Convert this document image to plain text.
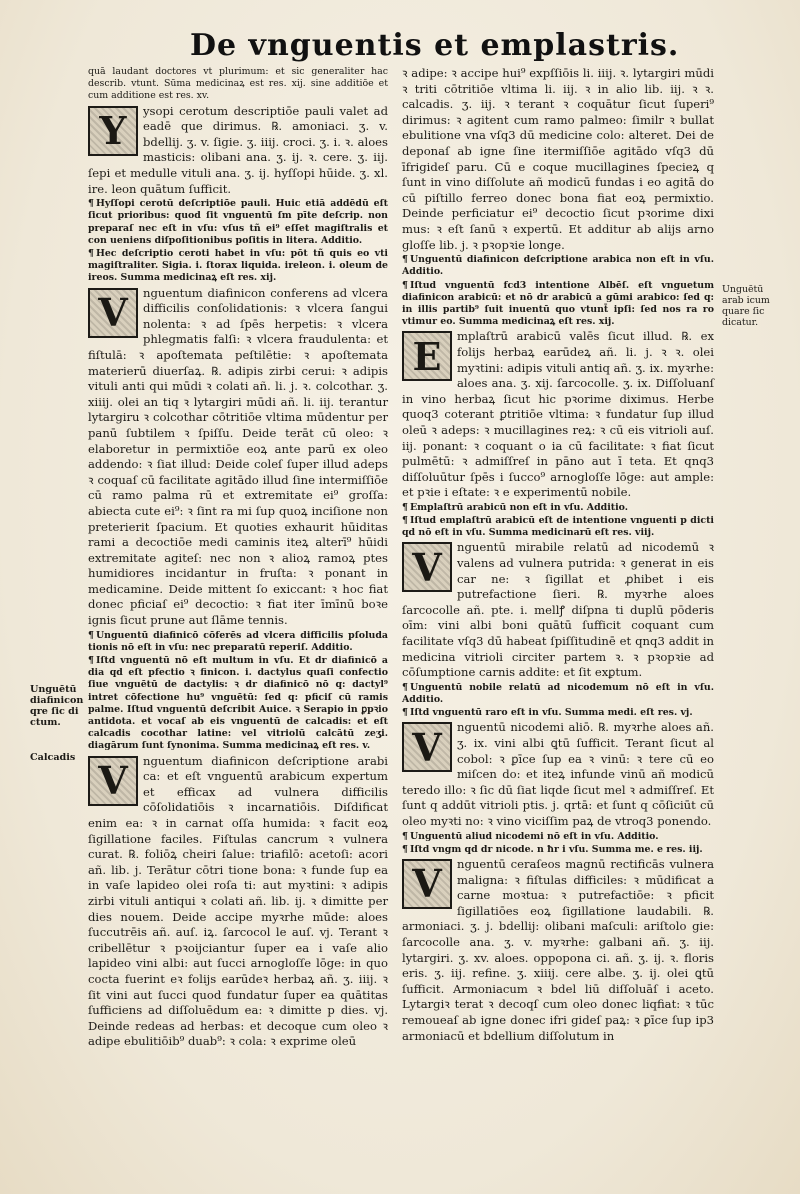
De vnguentis et emplastris.

quā laudant doctores vt plurimum: et sic generaliter hac describ. vtunt. Sūma medicinaꝝ est res. xij. sine additiōe et cum additione est res. xv.

Y	ysopi cerotum descriptiōe pauli valet ad eadē que dirimus. ℞. amoniaci. ʒ. v. bdellij. ʒ. v. ſigie. ʒ. iiij. croci. ʒ. i. ꝛ. aloes masticis: olibani ana. ʒ. ij. ꝛ. cere. ʒ. iij. ſepi et medulle vituli ana. ʒ. ij. hyſſopi hūide. ʒ. xl. ire. leon quātum ſufficit.

¶ Hyſſopi cerotū deſcriptiōe pauli. Huic etiā addēdū eſt ſicut prioribus: quod ſit vnguentū ſm pīte deſcrip. non preparaſ nec eſt in vſu: vſus tñ ei⁹ eſſet magiſtralis et con ueniens diſpoſitionibus poſitis in litera. Additio.

¶ Hec deſcriptio ceroti habet in vſu: pōt tñ quis eo vti magiſtraliter. Sigia. i. ſtorax liquida. ireleon. i. oleum de ireos. Summa medicinaꝝ eſt res. xij.

V	nguentum diafinicon conferens ad vlcera difficilis conſolidationis: ꝛ vlcera ſangui nolenta: ꝛ ad ſpēs herpetis: ꝛ vlcera phlegmatis falſi: ꝛ vlcera fraudulenta: et fiſtulā: ꝛ apoſtemata peſtilētie: ꝛ apoſtemata materierū diuerſaꝝ. ℞. adipis zirbi cerui: ꝛ adipis vituli anti qui mūdi ꝛ colati añ. li. j. ꝛ. colcothar. ʒ. xiiij. olei an tiq ꝛ lytargiri mūdi añ. li. iij. terantur lytargiru ꝛ colcothar cōtritiōe vltima mūdentur per panū ſubtilem ꝛ ſpiſſu. Deide terāt cū oleo: ꝛ elaboretur in permixtiōe eoꝝ ante parū ex oleo addendo: ꝛ ſiat illud: Deide coleſ ſuper illud adeps ꝛ coquaſ cū facilitate agitādo illud ſine intermiſſiōe cū ramo palma rū et extremitate ei⁹ groſſa: abiecta cute ei⁹: ꝛ ſint ra mi ſup quoꝝ inciſione non preterierit ſpacium. Et quoties exhaurit hūiditas rami a decoctiōe medi caminis iteꝝ alterī⁹ hūidi extremitate agiteſ: nec non ꝛ alioꝝ ramoꝝ ptes humidiores incidantur in fruſta: ꝛ ponant in medicamine. Deide mittent ſo exiccant: ꝛ hoc fiat donec pficiaſ ei⁹ decoctio: ꝛ fiat iter īmīnū boꝛe ignis ſicut prune aut ſlāme tennis.

¶ Unguentū diafinicō cōferēs ad vlcera difficilis pſoluda tionis nō eſt in vſu: nec preparatū reperiſ. Additio.

¶ Iſtd vnguentū nō eſt multum in vſu. Et dr diafinicō a dia qd eſt pfectio ꝛ finicon. i. dactylus quaſi confectio ſiue vnguētū de dactylis: ꝛ dr diafinicō nō q: dactyl⁹ intret cōfectione hu⁹ vnguētū: ſed q: pficiſ cū ramis palme. Iſtud vnguentū deſcribit Auice. ꝛ Serapio in ꝑpꝛio antidota. et vocaſ ab eis vnguentū de calcadis: et eſt calcadis cocothar latine: vel vitriolū calcātū zeʒi. diagārum ſunt ſynonima. Summa medicinaꝝ eſt res. v.

V	nguentum diafinicon deſcriptione arabi ca: et eſt vnguentū arabicum expertum et efficax ad vulnera difficilis cōſolidatiōis ꝛ incarnatiōis. Diſdificat enim ea: ꝛ in carnat oſſa humida: ꝛ facit eoꝝ ſigillatione faciles. Fiſtulas cancrum ꝛ vulnera curat. ℞. foliōꝝ cheiri ſalue: triafilō: acetoſi: acori añ. lib. j. Terātur cōtri tione bona: ꝛ funde ſup ea in vaſe lapideo olei roſa ti: aut myꝛtini: ꝛ adipis zirbi vituli antiqui ꝛ colati añ. lib. ij. ꝛ dimitte per dies nouem. Deide accipe myꝛrhe mūde: aloes ſuccutrēis añ. auſ. iꝝ. ſarcocol le auſ. vj. Terant ꝛ cribellētur ꝛ pꝛoijciantur ſuper ea i vaſe alio lapideo vini albi: aut ſucci arnogloſſe lōge: in quo cocta fuerint eꝛ folijs earūdeꝛ herbaꝝ añ. ʒ. iiij. ꝛ ſit vini aut ſucci quod fundatur ſuper ea quātitas ſufficiens ad diſſoluēdum ea: ꝛ dimitte p dies. vj. Deinde redeas ad herbas: et decoque cum oleo ꝛ adipe ebulitiōib⁹ duab⁹: ꝛ cola: ꝛ exprime oleū

ꝛ adipe: ꝛ accipe hui⁹ expſſiōis li. iiij. ꝛ. lytargiri mūdi ꝛ triti cōtritiōe vltima li. iij. ꝛ in alio lib. iij. ꝛ ꝛ. calcadis. ʒ. iij. ꝛ terant ꝛ coquātur ſicut ſuperi⁹ dirimus: ꝛ agitent cum ramo palmeo: ſimilr ꝛ bullat ebulitione vna vſq3 dū medicine colo: alteret. Dei de deponaſ ab igne ſine itermiſſiōe agitādo vſq3 dū īfrigideſ paru. Cū e coque mucillagines ſpecieꝝ q ſunt in vino diſſolute añ modicū fundas i eo agitā do cū piſtillo ferreo donec bona fiat eoꝝ permixtio. Deinde perficiatur ei⁹ decoctio ſicut pꝛorime dixi mus: ꝛ eſt ſanū ꝛ expertū. Et additur ab alijs arno gloſſe lib. j. ꝛ pꝛopꝛie longe.

¶ Unguentū diafinicon deſcriptione arabica non eſt in vſu. Additio.

¶ Iſtud vnguentū fcd3 intentione Albēſ. eſt vnguetum diafinicon arabicū: et nō dr arabicū a gūmi arabico: ſed q: in illis partib⁹ ſuit inuentū quo vtunt̄ ipſi: ſed nos ra ro vtimur eo. Summa medicinaꝝ eſt res. xij.

E	mplaſtrū arabicū valēs ſicut illud. ℞. ex folijs herbaꝝ earūdeꝝ añ. li. j. ꝛ ꝛ. olei myꝛtini: adipis vituli antiq añ. ʒ. ix. myꝛrhe: aloes ana. ʒ. xij. ſarcocolle. ʒ. ix. Diſſoluanſ in vino herbaꝝ ſicut hic pꝛorime diximus. Herbe quoq3 coterant ꝑtritiōe vltima: ꝛ fundatur ſup illud oleū ꝛ adeps: ꝛ mucillagines reꝝ: ꝛ cū eis vitrioli auſ. iij. ponant: ꝛ coquant o ia cū facilitate: ꝛ fiat ſicut pulmētū: ꝛ admiſſreſ in pāno aut ī teta. Et qnq3 diſſoluūtur ſpēs i ſucco⁹ arnogloſſe lōge: aut ample: et pꝛie i eſtate: ꝛ e experimentū nobile.

¶ Emplaſtrū arabicū non eſt in vſu. Additio.

¶ Iſtud emplaſtrū arabicū eſt de intentione vnguenti p dicti qd nō eſt in vſu. Summa medicinarū eſt res. viij.

V	nguentū mirabile relatū ad nicodemū ꝛ valens ad vulnera putrida: ꝛ generat in eis car ne: ꝛ ſigillat et ꝓhibet i eis putrefactione ſieri. ℞. myꝛrhe aloes ſarcocolle añ. pte. i. mellꝭ diſpna ti duplū pōderis oīm: vini albi boni quātū ſufficit coquant cum facilitate vſq3 dū habeat ſpiſſitudinē et qnq3 addit in medicina vitrioli circiter partem ꝛ. ꝛ pꝛopꝛie ad cōſumptione carnis addite: et ſit exꝑtum.

¶ Unguentū nobile relatū ad nicodemum nō eſt in vſu. Additio.

¶ Iſtd vnguentū raro eſt in vſu. Summa medi. eſt res. vj.

V	nguentū nicodemi aliō. ℞. myꝛrhe aloes añ. ʒ. ix. vini albi ꝗtū ſufficit. Terant ſicut al cobol: ꝛ ꝑīce ſup ea ꝛ vinū: ꝛ tere cū eo miſcen do: et iteꝝ infunde vinū añ modicū teredo illo: ꝛ ſic dū ſiat liqde ſicut mel ꝛ admiſſreſ. Et ſunt q addūt vitrioli ptis. j. qrtā: et ſunt q cōſiciūt cū oleo myꝛti no: ꝛ vino viciſſim paꝝ de vtroq3 ponendo.

¶ Unguentū aliud nicodemi nō eſt in vſu. Additio.

¶ Iſtd vngm qd dr nicode. n ħr i vſu. Summa me. e res. iij.

V	nguentū ceraſeos magnū rectificās vulnera maligna: ꝛ fiſtulas difficiles: ꝛ mūdificat a carne moꝛtua: ꝛ putrefactiōe: ꝛ pficit ſigillatiōes eoꝝ ſigillatione laudabili. ℞. armoniaci. ʒ. j. bdellij: olibani maſculi: ariſtolo gie: ſarcocolle ana. ʒ. v. myꝛrhe: galbani añ. ʒ. iij. lytargiri. ʒ. xv. aloes. oppopona ci. añ. ʒ. ij. ꝛ. floris eris. ʒ. iij. refine. ʒ. xiiij. cere albe. ʒ. ij. olei ꝗtū ſufficit. Armoniacum ꝛ bdel liū diſſoluāſ i aceto. Lytargiꝛ terat ꝛ decoqſ cum oleo donec liqfiat: ꝛ tūc remoueaſ ab igne donec ifri gideſ paꝝ: ꝛ ꝑīce ſup ip3 armoniacū et bdellium diſſolutum in

Unguētū diafinicon qre ſic di ctum.
Calcadis
Unguētū arab icum quare ſic dicatur.
